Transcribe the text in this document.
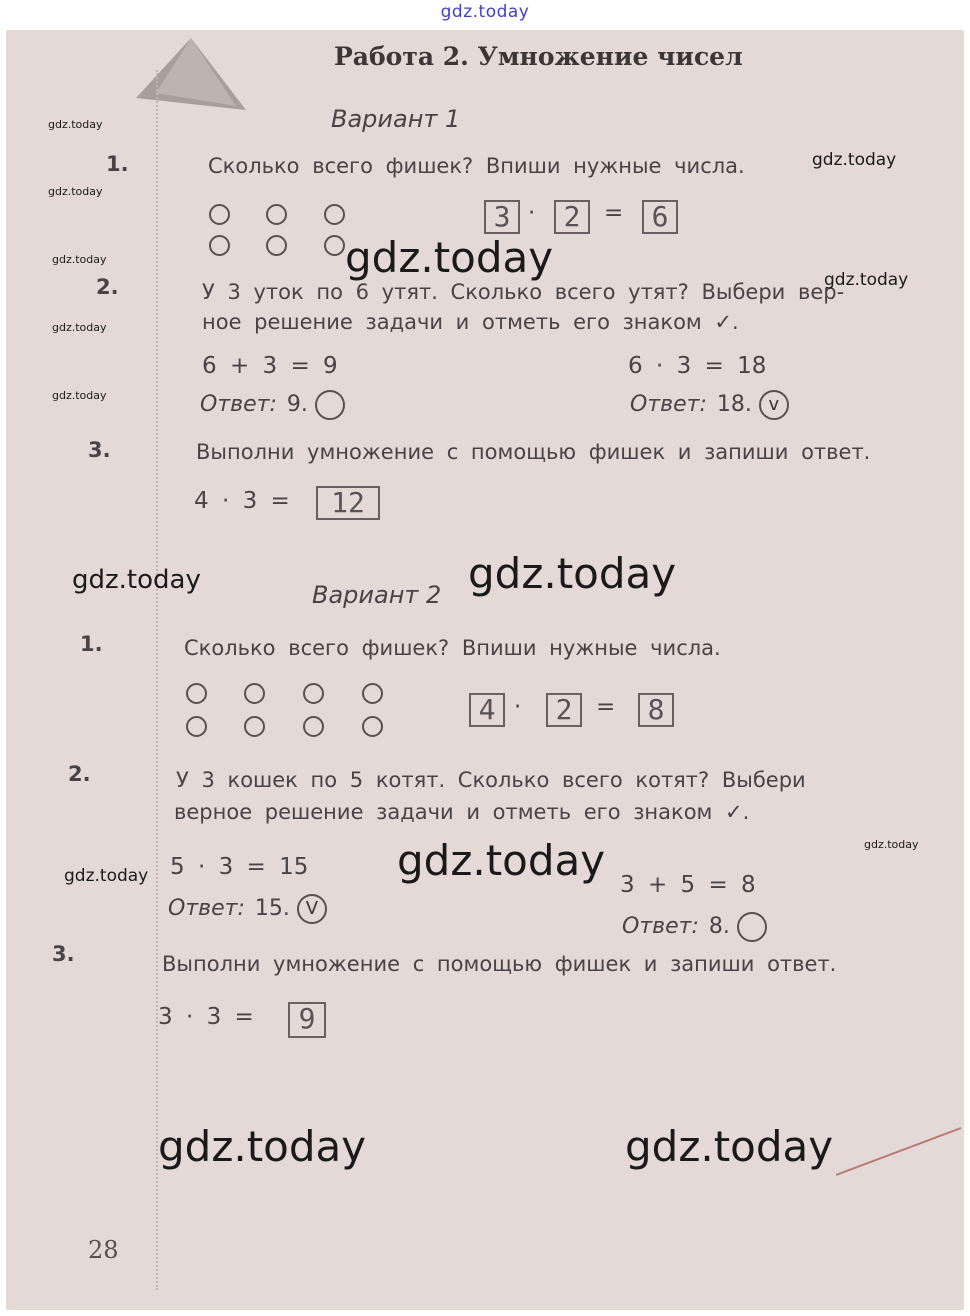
gdz.today
Работа 2. Умножение чисел
Вариант 1
1.	Сколько всего фишек? Впиши нужные числа.
3 ·	2	=	6
2.	У 3 уток по 6 утят. Сколько всего утят? Выбери вер-
ное решение задачи и отметь его знаком ✓.
6 + 3 = 9
Ответ: 9.
6 · 3 = 18
Ответ: 18. v
3.	Выполни умножение с помощью фишек и запиши ответ.
4 · 3 =	12
Вариант 2
1.	Сколько всего фишек? Впиши нужные числа.
4 ·	2	=	8
2.	У 3 кошек по 5 котят. Сколько всего котят? Выбери
верное решение задачи и отметь его знаком ✓.
5 · 3 = 15
Ответ: 15. V
3 + 5 = 8
Ответ: 8.
3.	Выполни умножение с помощью фишек и запиши ответ.
3 · 3 =	9
28
gdz.today
gdz.today
gdz.today
gdz.today
gdz.today
gdz.today
gdz.today
gdz.today
gdz.today	gdz.today
gdz.today
gdz.today	gdz.today
gdz.today	gdz.today
